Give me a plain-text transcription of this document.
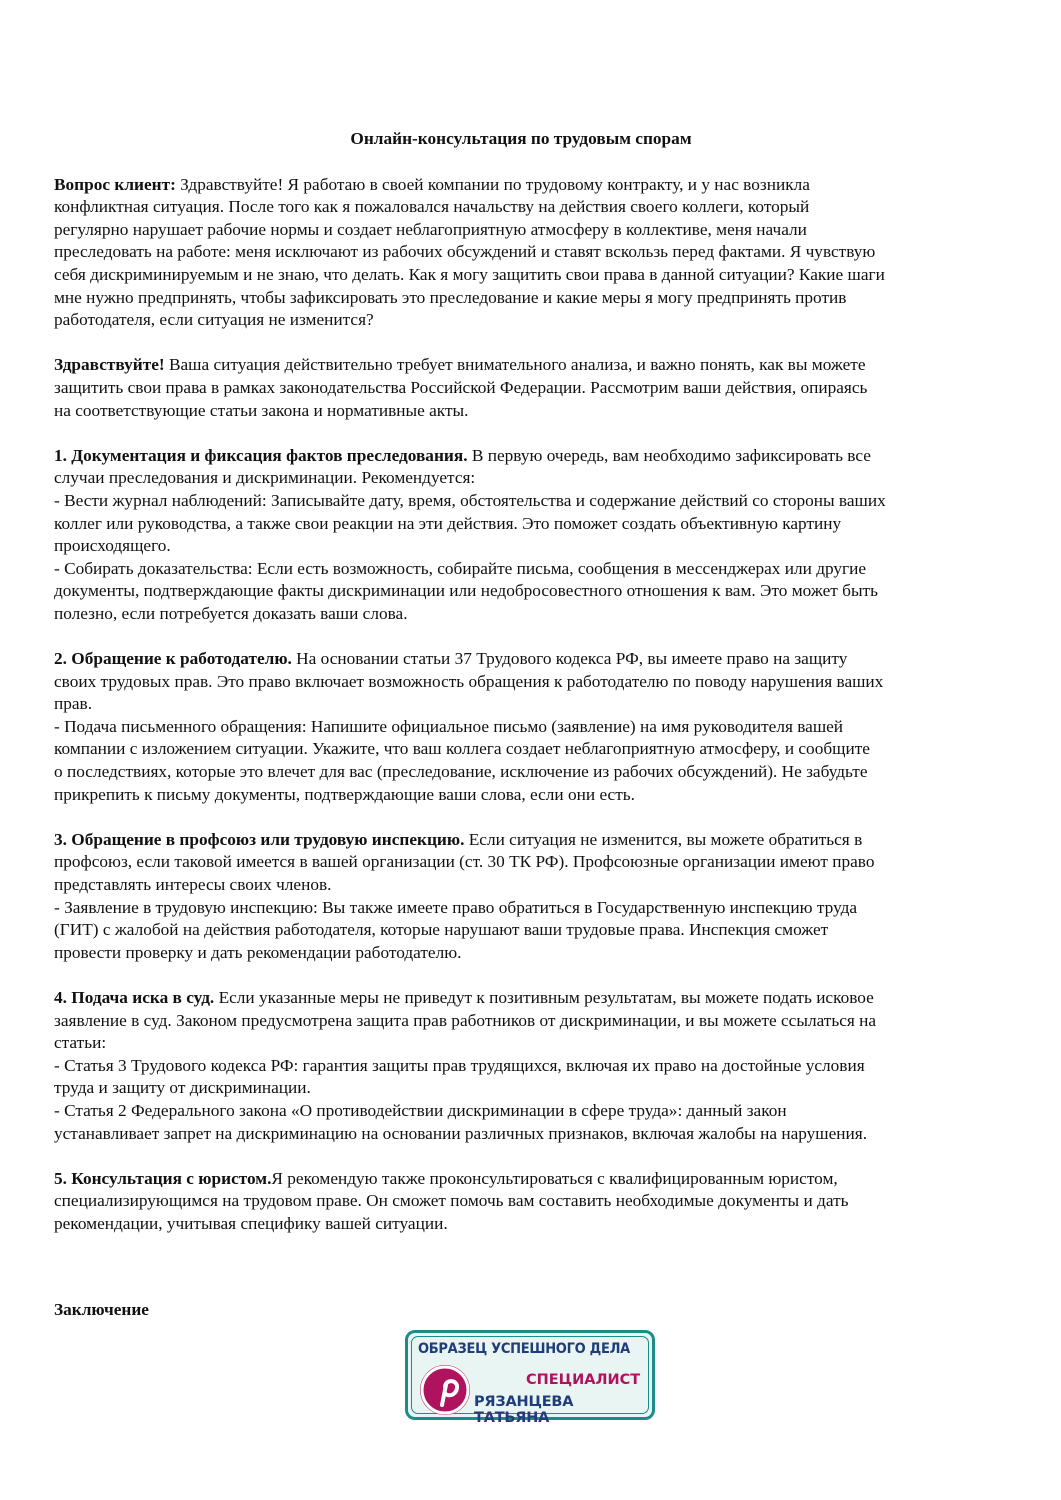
Онлайн-консультация по трудовым спорам

Вопрос клиент: Здравствуйте! Я работаю в своей компании по трудовому контракту, и у нас возникла
конфликтная ситуация. После того как я пожаловался начальству на действия своего коллеги, который
регулярно нарушает рабочие нормы и создает неблагоприятную атмосферу в коллективе, меня начали
преследовать на работе: меня исключают из рабочих обсуждений и ставят вскользь перед фактами. Я чувствую
себя дискриминируемым и не знаю, что делать. Как я могу защитить свои права в данной ситуации? Какие шаги
мне нужно предпринять, чтобы зафиксировать это преследование и какие меры я могу предпринять против
работодателя, если ситуация не изменится?

Здравствуйте! Ваша ситуация действительно требует внимательного анализа, и важно понять, как вы можете
защитить свои права в рамках законодательства Российской Федерации. Рассмотрим ваши действия, опираясь
на соответствующие статьи закона и нормативные акты.

1. Документация и фиксация фактов преследования. В первую очередь, вам необходимо зафиксировать все
случаи преследования и дискриминации. Рекомендуется:
- Вести журнал наблюдений: Записывайте дату, время, обстоятельства и содержание действий со стороны ваших
коллег или руководства, а также свои реакции на эти действия. Это поможет создать объективную картину
происходящего.
- Собирать доказательства: Если есть возможность, собирайте письма, сообщения в мессенджерах или другие
документы, подтверждающие факты дискриминации или недобросовестного отношения к вам. Это может быть
полезно, если потребуется доказать ваши слова.

2. Обращение к работодателю. На основании статьи 37 Трудового кодекса РФ, вы имеете право на защиту
своих трудовых прав. Это право включает возможность обращения к работодателю по поводу нарушения ваших
прав.
- Подача письменного обращения: Напишите официальное письмо (заявление) на имя руководителя вашей
компании с изложением ситуации. Укажите, что ваш коллега создает неблагоприятную атмосферу, и сообщите
о последствиях, которые это влечет для вас (преследование, исключение из рабочих обсуждений). Не забудьте
прикрепить к письму документы, подтверждающие ваши слова, если они есть.

3. Обращение в профсоюз или трудовую инспекцию. Если ситуация не изменится, вы можете обратиться в
профсоюз, если таковой имеется в вашей организации (ст. 30 ТК РФ). Профсоюзные организации имеют право
представлять интересы своих членов.
- Заявление в трудовую инспекцию: Вы также имеете право обратиться в Государственную инспекцию труда
(ГИТ) с жалобой на действия работодателя, которые нарушают ваши трудовые права. Инспекция сможет
провести проверку и дать рекомендации работодателю.

4. Подача иска в суд. Если указанные меры не приведут к позитивным результатам, вы можете подать исковое
заявление в суд. Законом предусмотрена защита прав работников от дискриминации, и вы можете ссылаться на
статьи:
- Статья 3 Трудового кодекса РФ: гарантия защиты прав трудящихся, включая их право на достойные условия
труда и защиту от дискриминации.
- Статья 2 Федерального закона «О противодействии дискриминации в сфере труда»: данный закон
устанавливает запрет на дискриминацию на основании различных признаков, включая жалобы на нарушения.

5. Консультация с юристом.Я рекомендую также проконсультироваться с квалифицированным юристом,
специализирующимся на трудовом праве. Он сможет помочь вам составить необходимые документы и дать
рекомендации, учитывая специфику вашей ситуации.

Заключение
ОБРАЗЕЦ УСПЕШНОГО ДЕЛА
СПЕЦИАЛИСТ
РЯЗАНЦЕВА ТАТЬЯНА
